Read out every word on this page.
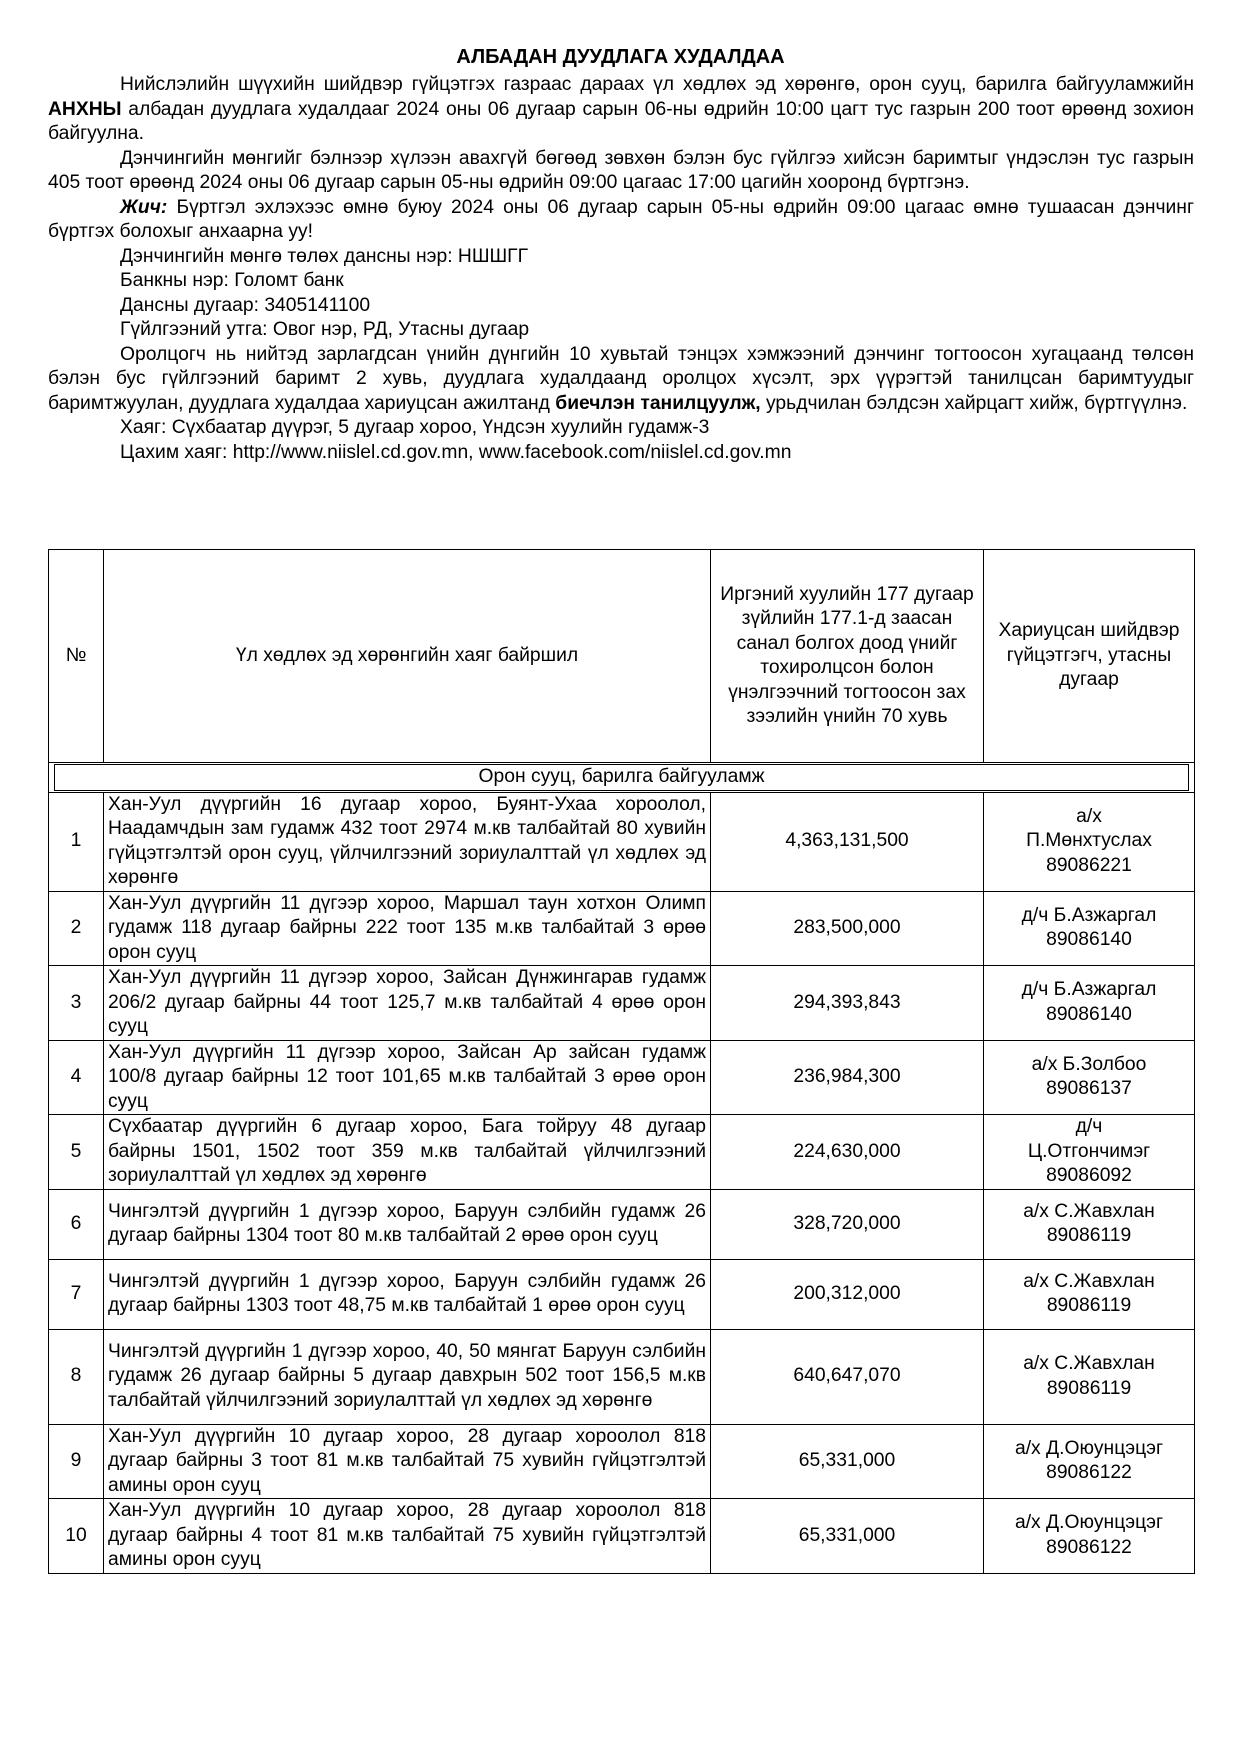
АЛБАДАН ДУУДЛАГА ХУДАЛДАА

Нийслэлийн шүүхийн шийдвэр гүйцэтгэх газраас дараах үл хөдлөх эд хөрөнгө, орон сууц, барилга байгууламжийн АНХНЫ албадан дуудлага худалдааг 2024 оны 06 дугаар сарын 06-ны өдрийн 10:00 цагт тус газрын 200 тоот өрөөнд зохион байгуулна.

Дэнчингийн мөнгийг бэлнээр хүлээн авахгүй бөгөөд зөвхөн бэлэн бус гүйлгээ хийсэн баримтыг үндэслэн тус газрын 405 тоот өрөөнд 2024 оны 06 дугаар сарын 05-ны өдрийн 09:00 цагаас 17:00 цагийн хооронд бүртгэнэ.

Жич: Бүртгэл эхлэхээс өмнө буюу 2024 оны 06 дугаар сарын 05-ны өдрийн 09:00 цагаас өмнө тушаасан дэнчинг бүртгэх болохыг анхаарна уу!

Дэнчингийн мөнгө төлөх дансны нэр: НШШГГ

Банкны нэр: Голомт банк

Дансны дугаар: 3405141100

Гүйлгээний утга: Овог нэр, РД, Утасны дугаар

Оролцогч нь нийтэд зарлагдсан үнийн дүнгийн 10 хувьтай тэнцэх хэмжээний дэнчинг тогтоосон хугацаанд төлсөн бэлэн бус гүйлгээний баримт 2 хувь, дуудлага худалдаанд оролцох хүсэлт, эрх үүрэгтэй танилцсан баримтуудыг баримтжуулан, дуудлага худалдаа хариуцсан ажилтанд биечлэн танилцуулж, урьдчилан бэлдсэн хайрцагт хийж, бүртгүүлнэ.

Хаяг: Сүхбаатар дүүрэг, 5 дугаар хороо, Үндсэн хуулийн гудамж-3

Цахим хаяг: http://www.niislel.cd.gov.mn, www.facebook.com/niislel.cd.gov.mn

№	Үл хөдлөх эд хөрөнгийн хаяг байршил	Иргэний хуулийн 177 дугаар зүйлийн 177.1-д заасан санал болгох доод үнийг тохиролцсон болон үнэлгээчний тогтоосон зах зээлийн үнийн 70 хувь	Хариуцсан шийдвэр гүйцэтгэгч, утасны дугаар

Орон сууц, барилга байгууламж			

1	Хан-Уул дүүргийн 16 дугаар хороо, Буянт-Ухаа хороолол, Наадамчдын зам гудамж 432 тоот 2974 м.кв талбайтай 80 хувийн гүйцэтгэлтэй орон сууц, үйлчилгээний зориулалттай үл хөдлөх эд хөрөнгө	4,363,131,500	а/х
П.Мөнхтуслах
89086221

2	Хан-Уул дүүргийн 11 дүгээр хороо, Маршал таун хотхон Олимп гудамж 118 дугаар байрны 222 тоот 135 м.кв талбайтай 3 өрөө орон сууц	283,500,000	д/ч Б.Азжаргал
89086140

3	Хан-Уул дүүргийн 11 дүгээр хороо, Зайсан Дүнжингарав гудамж 206/2 дугаар байрны 44 тоот 125,7 м.кв талбайтай 4 өрөө орон сууц	294,393,843	д/ч Б.Азжаргал
89086140

4	Хан-Уул дүүргийн 11 дүгээр хороо, Зайсан Ар зайсан гудамж 100/8 дугаар байрны 12 тоот 101,65 м.кв талбайтай 3 өрөө орон сууц	236,984,300	а/х Б.Золбоо
89086137

5	Сүхбаатар дүүргийн 6 дугаар хороо, Бага тойруу 48 дугаар байрны 1501, 1502 тоот 359 м.кв талбайтай үйлчилгээний зориулалттай үл хөдлөх эд хөрөнгө	224,630,000	д/ч
Ц.Отгончимэг
89086092

6	Чингэлтэй дүүргийн 1 дүгээр хороо, Баруун сэлбийн гудамж 26 дугаар байрны 1304 тоот 80 м.кв талбайтай 2 өрөө орон сууц	328,720,000	а/х С.Жавхлан
89086119

7	Чингэлтэй дүүргийн 1 дүгээр хороо, Баруун сэлбийн гудамж 26 дугаар байрны 1303 тоот 48,75 м.кв талбайтай 1 өрөө орон сууц	200,312,000	а/х С.Жавхлан
89086119

8	Чингэлтэй дүүргийн 1 дүгээр хороо, 40, 50 мянгат Баруун сэлбийн гудамж 26 дугаар байрны 5 дугаар давхрын 502 тоот 156,5 м.кв талбайтай үйлчилгээний зориулалттай үл хөдлөх эд хөрөнгө	640,647,070	а/х С.Жавхлан
89086119

9	Хан-Уул дүүргийн 10 дугаар хороо, 28 дугаар хороолол 818 дугаар байрны 3 тоот 81 м.кв талбайтай 75 хувийн гүйцэтгэлтэй амины орон сууц	65,331,000	а/х Д.Оюунцэцэг
89086122

10	Хан-Уул дүүргийн 10 дугаар хороо, 28 дугаар хороолол 818 дугаар байрны 4 тоот 81 м.кв талбайтай 75 хувийн гүйцэтгэлтэй амины орон сууц	65,331,000	а/х Д.Оюунцэцэг
89086122
